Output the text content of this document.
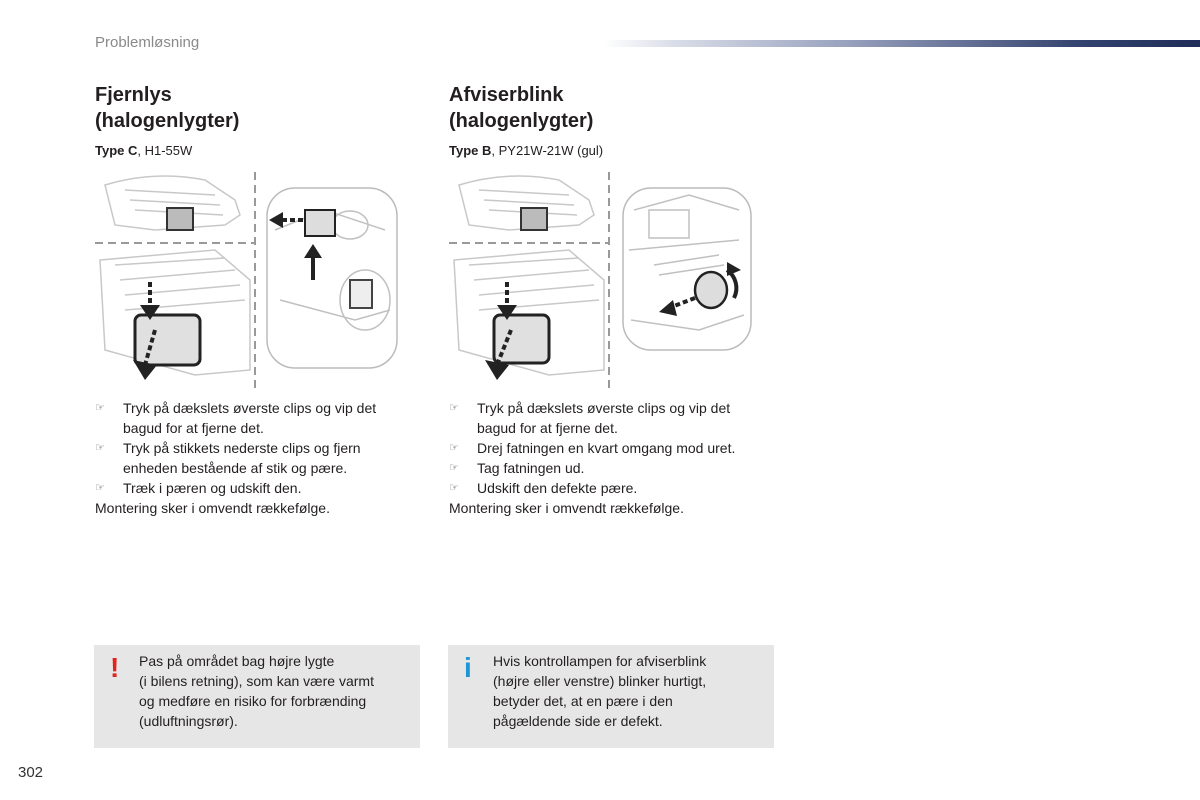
Problemløsning
Fjernlys
(halogenlygter)
Type C, H1-55W
☞ Tryk på dækslets øverste clips og vip det bagud for at fjerne det.
☞ Tryk på stikkets nederste clips og fjern enheden bestående af stik og pære.
☞ Træk i pæren og udskift den.
Montering sker i omvendt rækkefølge.
Afviserblink
(halogenlygter)
Type B, PY21W-21W (gul)
☞ Tryk på dækslets øverste clips og vip det bagud for at fjerne det.
☞ Drej fatningen en kvart omgang mod uret.
☞ Tag fatningen ud.
☞ Udskift den defekte pære.
Montering sker i omvendt rækkefølge.
! Pas på området bag højre lygte
(i bilens retning), som kan være varmt
og medføre en risiko for forbrænding
(udluftningsrør).
i Hvis kontrollampen for afviserblink
(højre eller venstre) blinker hurtigt,
betyder det, at en pære i den
pågældende side er defekt.
302
